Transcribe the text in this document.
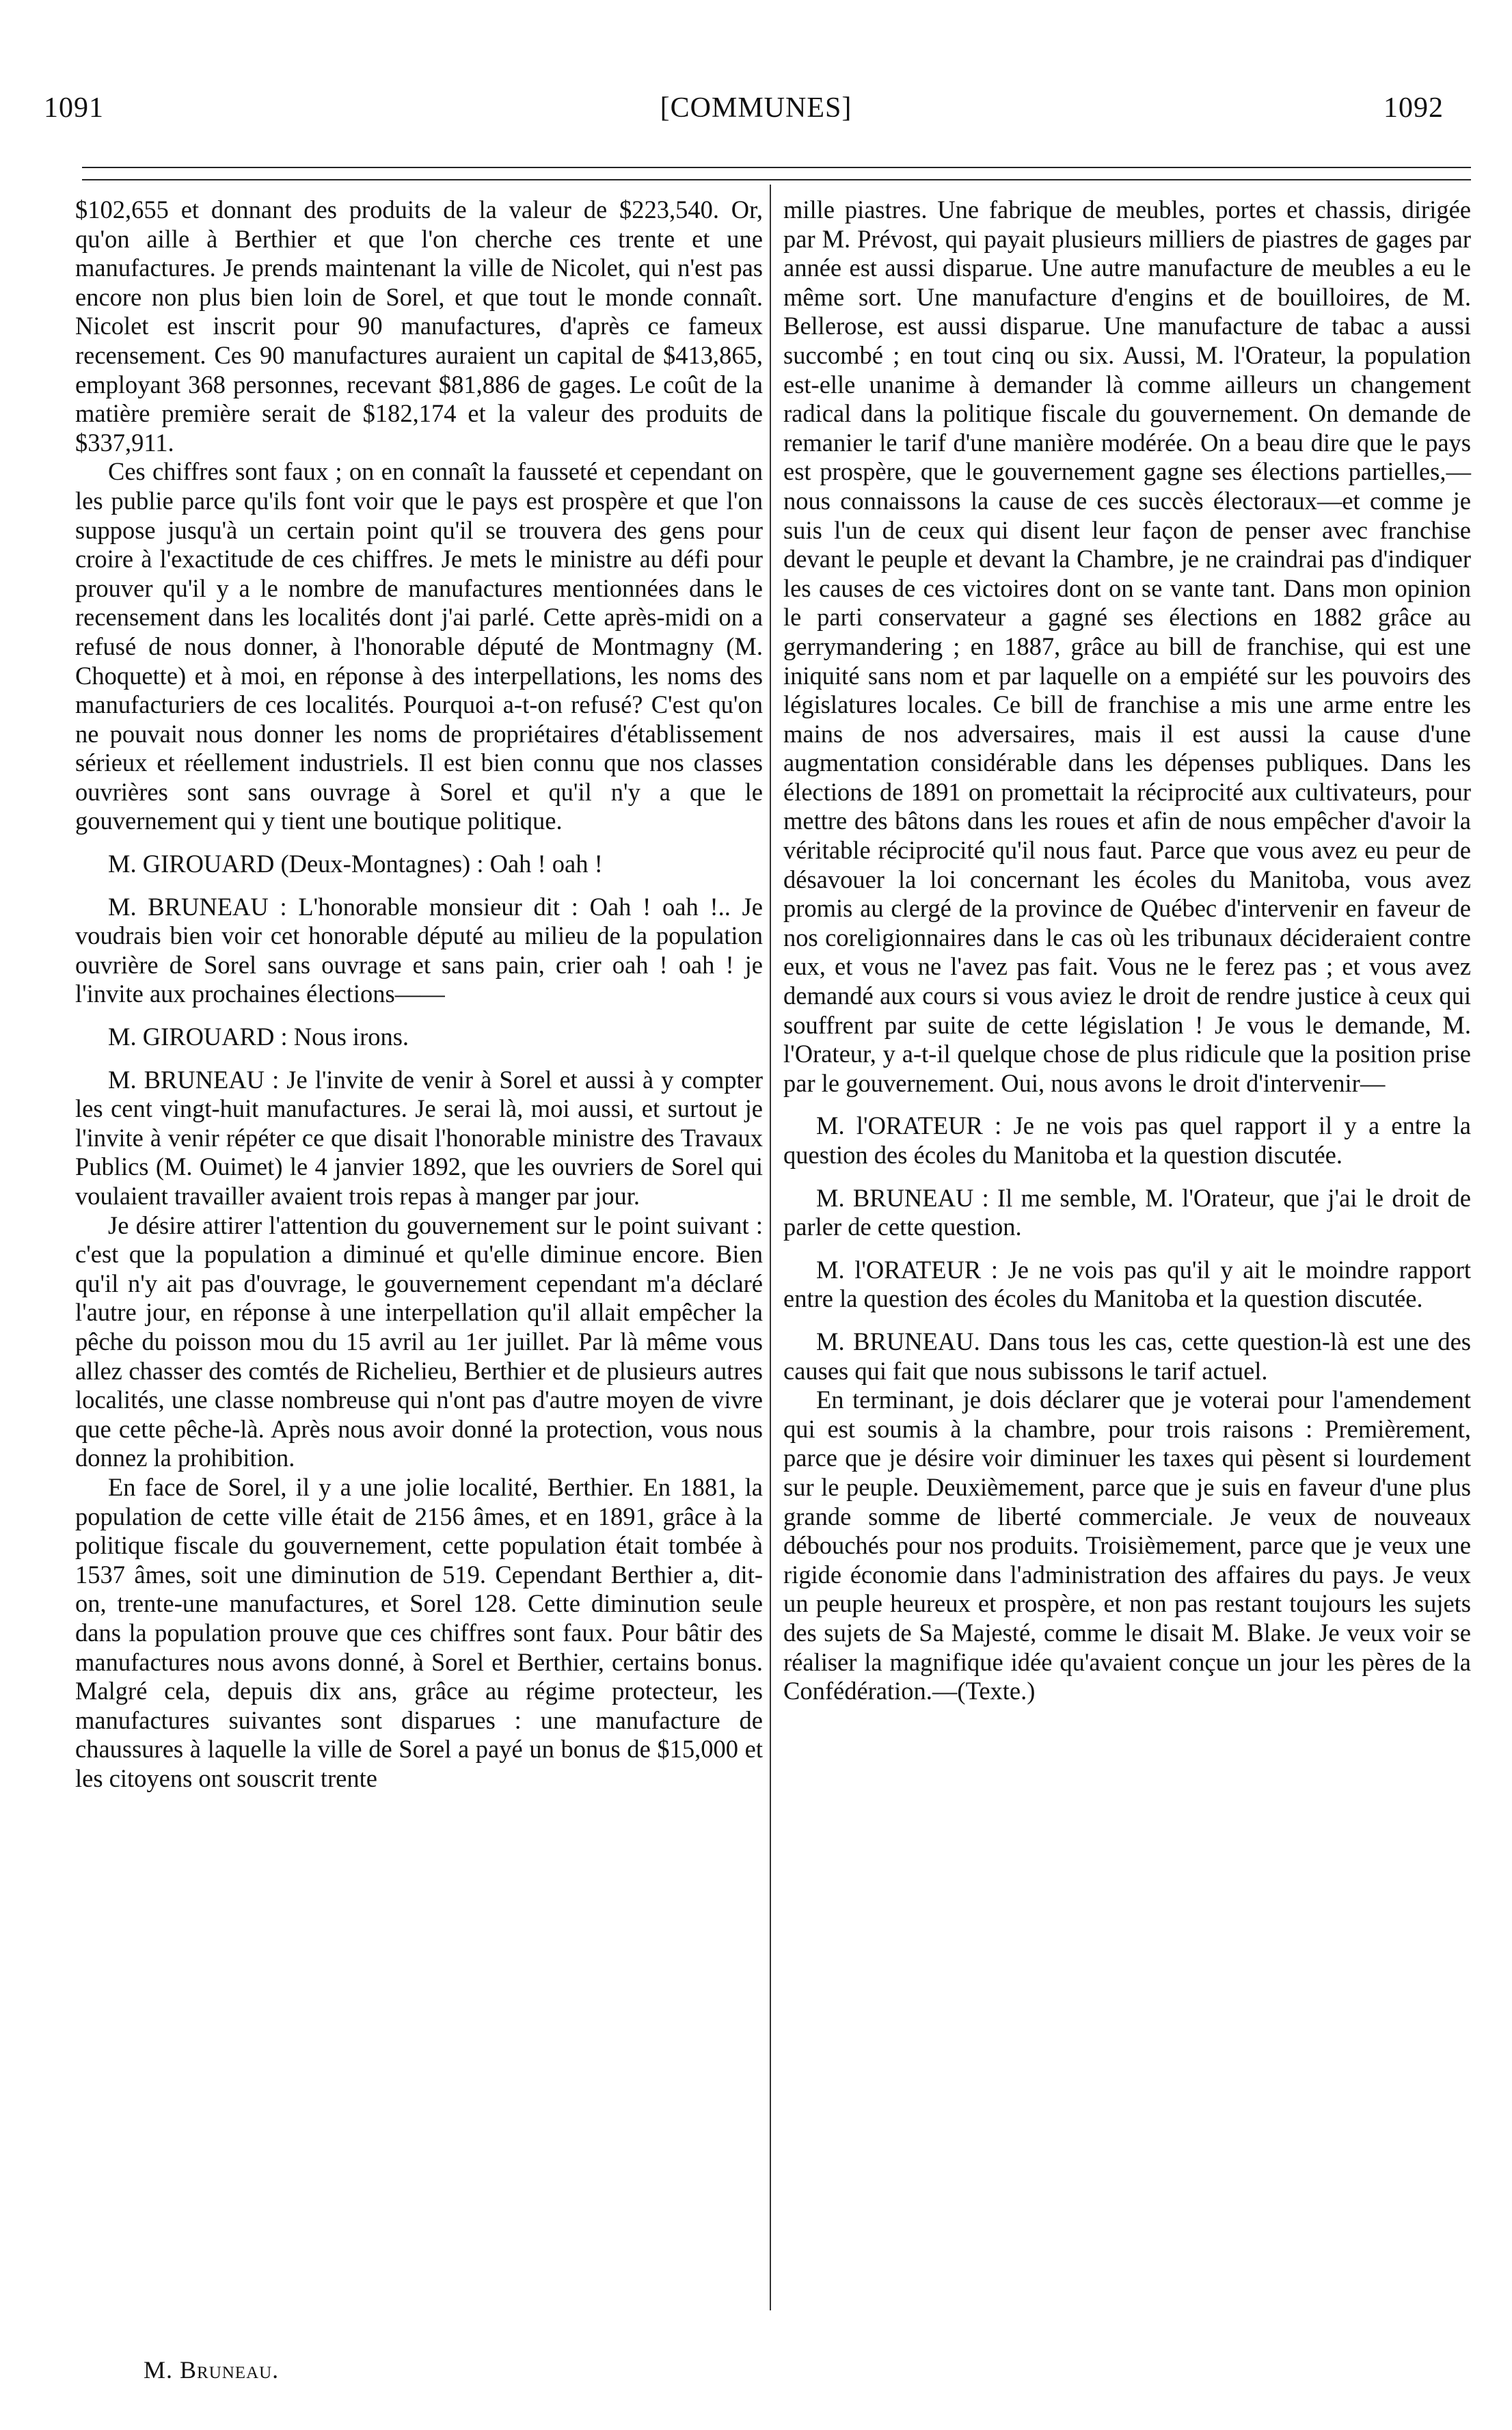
1091	[COMMUNES]	1092

$102,655 et donnant des produits de la valeur de $223,540. Or, qu'on aille à Berthier et que l'on cherche ces trente et une manufactures. Je prends maintenant la ville de Nicolet, qui n'est pas encore non plus bien loin de Sorel, et que tout le monde connaît. Nicolet est inscrit pour 90 manufactures, d'après ce fameux recensement. Ces 90 manufactures auraient un capital de $413,865, employant 368 personnes, recevant $81,886 de gages. Le coût de la matière première serait de $182,174 et la valeur des produits de $337,911.

Ces chiffres sont faux ; on en connaît la fausseté et cependant on les publie parce qu'ils font voir que le pays est prospère et que l'on suppose jusqu'à un certain point qu'il se trouvera des gens pour croire à l'exactitude de ces chiffres. Je mets le ministre au défi pour prouver qu'il y a le nombre de manufactures mentionnées dans le recensement dans les localités dont j'ai parlé. Cette après-midi on a refusé de nous donner, à l'honorable député de Montmagny (M. Choquette) et à moi, en réponse à des interpellations, les noms des manufacturiers de ces localités. Pourquoi a-t-on refusé? C'est qu'on ne pouvait nous donner les noms de propriétaires d'établissement sérieux et réellement industriels. Il est bien connu que nos classes ouvrières sont sans ouvrage à Sorel et qu'il n'y a que le gouvernement qui y tient une boutique politique.

M. GIROUARD (Deux-Montagnes) : Oah ! oah !

M. BRUNEAU : L'honorable monsieur dit : Oah ! oah !.. Je voudrais bien voir cet honorable député au milieu de la population ouvrière de Sorel sans ouvrage et sans pain, crier oah ! oah ! je l'invite aux prochaines élections——

M. GIROUARD : Nous irons.

M. BRUNEAU : Je l'invite de venir à Sorel et aussi à y compter les cent vingt-huit manufactures. Je serai là, moi aussi, et surtout je l'invite à venir répéter ce que disait l'honorable ministre des Travaux Publics (M. Ouimet) le 4 janvier 1892, que les ouvriers de Sorel qui voulaient travailler avaient trois repas à manger par jour.

Je désire attirer l'attention du gouvernement sur le point suivant : c'est que la population a diminué et qu'elle diminue encore. Bien qu'il n'y ait pas d'ouvrage, le gouvernement cependant m'a déclaré l'autre jour, en réponse à une interpellation qu'il allait empêcher la pêche du poisson mou du 15 avril au 1er juillet. Par là même vous allez chasser des comtés de Richelieu, Berthier et de plusieurs autres localités, une classe nombreuse qui n'ont pas d'autre moyen de vivre que cette pêche-là. Après nous avoir donné la protection, vous nous donnez la prohibition.

En face de Sorel, il y a une jolie localité, Berthier. En 1881, la population de cette ville était de 2156 âmes, et en 1891, grâce à la politique fiscale du gouvernement, cette population était tombée à 1537 âmes, soit une diminution de 519. Cependant Berthier a, dit-on, trente-une manufactures, et Sorel 128. Cette diminution seule dans la population prouve que ces chiffres sont faux. Pour bâtir des manufactures nous avons donné, à Sorel et Berthier, certains bonus. Malgré cela, depuis dix ans, grâce au régime protecteur, les manufactures suivantes sont disparues : une manufacture de chaussures à laquelle la ville de Sorel a payé un bonus de $15,000 et les citoyens ont souscrit trente

M. Bruneau.

mille piastres. Une fabrique de meubles, portes et chassis, dirigée par M. Prévost, qui payait plusieurs milliers de piastres de gages par année est aussi disparue. Une autre manufacture de meubles a eu le même sort. Une manufacture d'engins et de bouilloires, de M. Bellerose, est aussi disparue. Une manufacture de tabac a aussi succombé ; en tout cinq ou six. Aussi, M. l'Orateur, la population est-elle unanime à demander là comme ailleurs un changement radical dans la politique fiscale du gouvernement. On demande de remanier le tarif d'une manière modérée. On a beau dire que le pays est prospère, que le gouvernement gagne ses élections partielles,—nous connaissons la cause de ces succès électoraux—et comme je suis l'un de ceux qui disent leur façon de penser avec franchise devant le peuple et devant la Chambre, je ne craindrai pas d'indiquer les causes de ces victoires dont on se vante tant. Dans mon opinion le parti conservateur a gagné ses élections en 1882 grâce au gerrymandering ; en 1887, grâce au bill de franchise, qui est une iniquité sans nom et par laquelle on a empiété sur les pouvoirs des législatures locales. Ce bill de franchise a mis une arme entre les mains de nos adversaires, mais il est aussi la cause d'une augmentation considérable dans les dépenses publiques. Dans les élections de 1891 on promettait la réciprocité aux cultivateurs, pour mettre des bâtons dans les roues et afin de nous empêcher d'avoir la véritable réciprocité qu'il nous faut. Parce que vous avez eu peur de désavouer la loi concernant les écoles du Manitoba, vous avez promis au clergé de la province de Québec d'intervenir en faveur de nos coreligionnaires dans le cas où les tribunaux décideraient contre eux, et vous ne l'avez pas fait. Vous ne le ferez pas ; et vous avez demandé aux cours si vous aviez le droit de rendre justice à ceux qui souffrent par suite de cette législation ! Je vous le demande, M. l'Orateur, y a-t-il quelque chose de plus ridicule que la position prise par le gouvernement. Oui, nous avons le droit d'intervenir—

M. l'ORATEUR : Je ne vois pas quel rapport il y a entre la question des écoles du Manitoba et la question discutée.

M. BRUNEAU : Il me semble, M. l'Orateur, que j'ai le droit de parler de cette question.

M. l'ORATEUR : Je ne vois pas qu'il y ait le moindre rapport entre la question des écoles du Manitoba et la question discutée.

M. BRUNEAU. Dans tous les cas, cette question-là est une des causes qui fait que nous subissons le tarif actuel.

En terminant, je dois déclarer que je voterai pour l'amendement qui est soumis à la chambre, pour trois raisons : Premièrement, parce que je désire voir diminuer les taxes qui pèsent si lourdement sur le peuple. Deuxièmement, parce que je suis en faveur d'une plus grande somme de liberté commerciale. Je veux de nouveaux débouchés pour nos produits. Troisièmement, parce que je veux une rigide économie dans l'administration des affaires du pays. Je veux un peuple heureux et prospère, et non pas restant toujours les sujets des sujets de Sa Majesté, comme le disait M. Blake. Je veux voir se réaliser la magnifique idée qu'avaient conçue un jour les pères de la Confédération.—(Texte.)
